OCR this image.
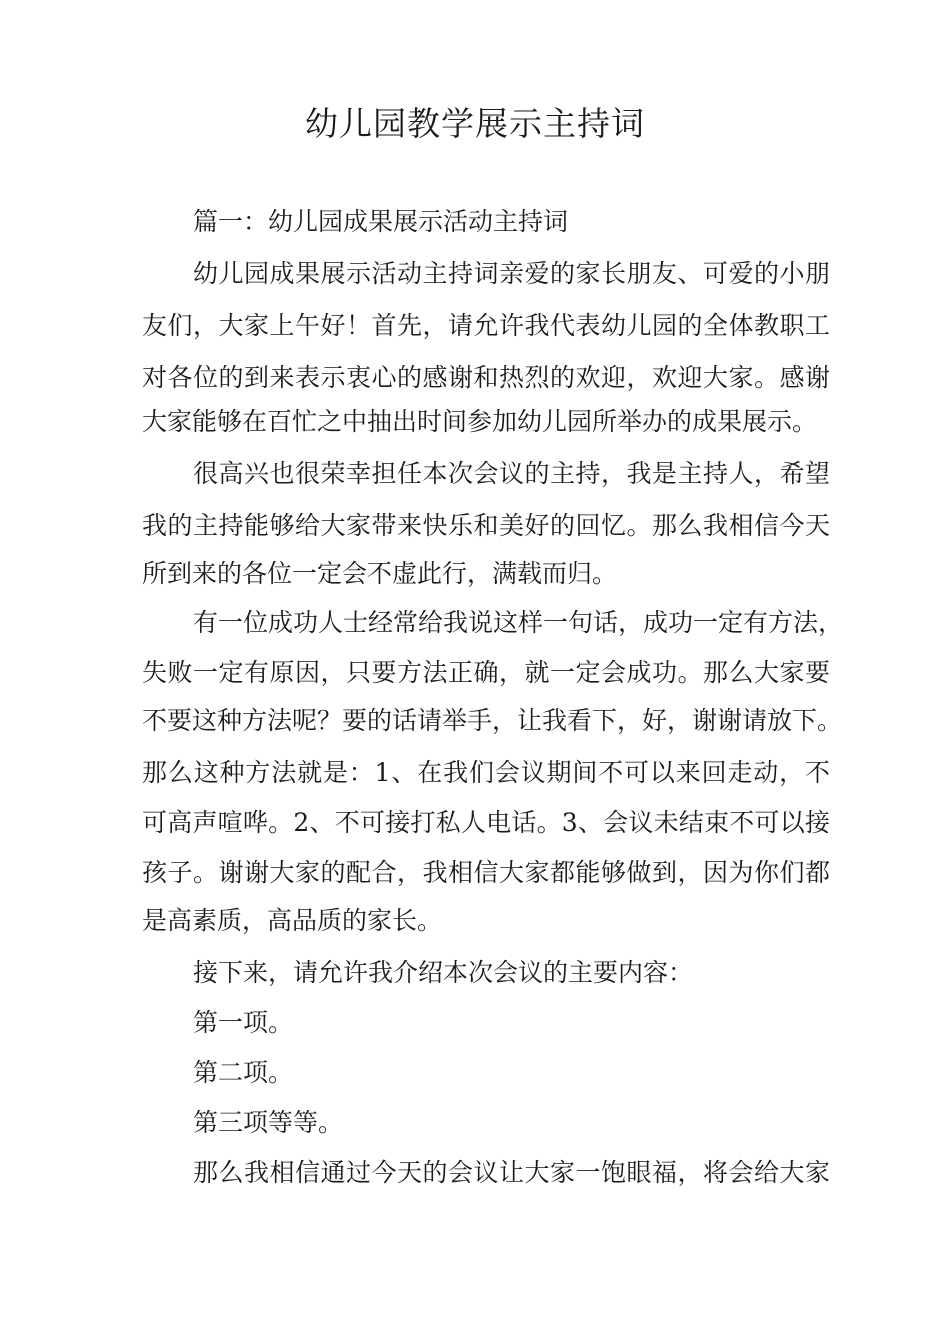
幼儿园教学展示主持词

篇一：幼儿园成果展示活动主持词

幼儿园成果展示活动主持词亲爱的家长朋友、可爱的小朋

友们，大家上午好！首先，请允许我代表幼儿园的全体教职工

对各位的到来表示衷心的感谢和热烈的欢迎，欢迎大家。感谢

大家能够在百忙之中抽出时间参加幼儿园所举办的成果展示。

很高兴也很荣幸担任本次会议的主持，我是主持人，希望

我的主持能够给大家带来快乐和美好的回忆。那么我相信今天

所到来的各位一定会不虚此行，满载而归。

有一位成功人士经常给我说这样一句话，成功一定有方法，

失败一定有原因，只要方法正确，就一定会成功。那么大家要

不要这种方法呢？要的话请举手，让我看下，好，谢谢请放下。

那么这种方法就是：1、在我们会议期间不可以来回走动，不

可高声喧哗。2、不可接打私人电话。3、会议未结束不可以接

孩子。谢谢大家的配合，我相信大家都能够做到，因为你们都

是高素质，高品质的家长。

接下来，请允许我介绍本次会议的主要内容：

第一项。

第二项。

第三项等等。

那么我相信通过今天的会议让大家一饱眼福，将会给大家
